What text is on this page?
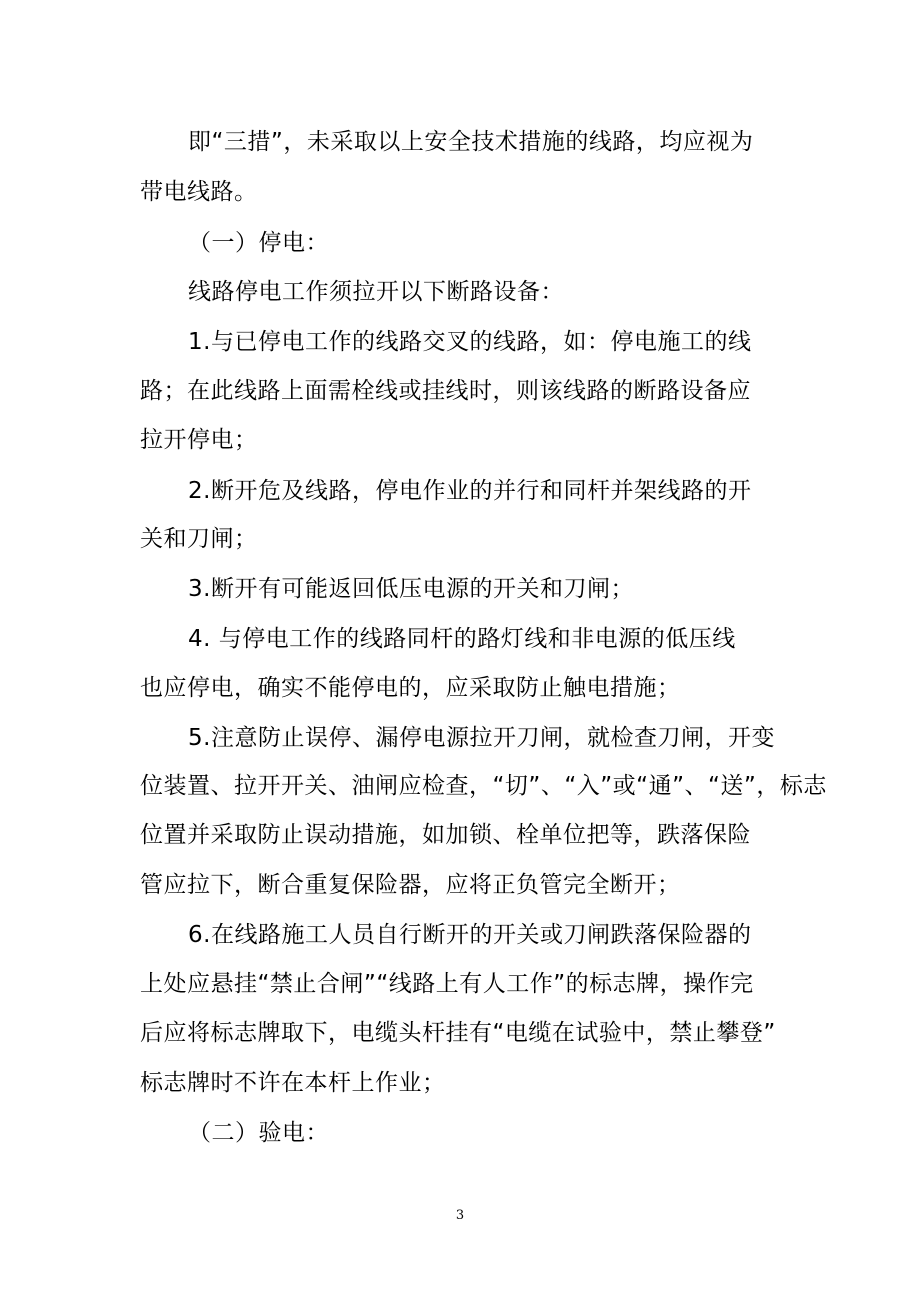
即“三措”，未采取以上安全技术措施的线路，均应视为
带电线路。
（一）停电：
线路停电工作须拉开以下断路设备：
1.与已停电工作的线路交叉的线路，如：停电施工的线
路；在此线路上面需栓线或挂线时，则该线路的断路设备应
拉开停电；
2.断开危及线路，停电作业的并行和同杆并架线路的开
关和刀闸；
3.断开有可能返回低压电源的开关和刀闸；
4. 与停电工作的线路同杆的路灯线和非电源的低压线
也应停电，确实不能停电的，应采取防止触电措施；
5.注意防止误停、漏停电源拉开刀闸，就检查刀闸，开变
位装置、拉开开关、油闸应检查，“切”、“入”或“通”、“送”，标志
位置并采取防止误动措施，如加锁、栓单位把等，跌落保险
管应拉下，断合重复保险器，应将正负管完全断开；
6.在线路施工人员自行断开的开关或刀闸跌落保险器的
上处应悬挂“禁止合闸”“线路上有人工作”的标志牌，操作完
后应将标志牌取下，电缆头杆挂有“电缆在试验中，禁止攀登”
标志牌时不许在本杆上作业；
（二）验电：
3
